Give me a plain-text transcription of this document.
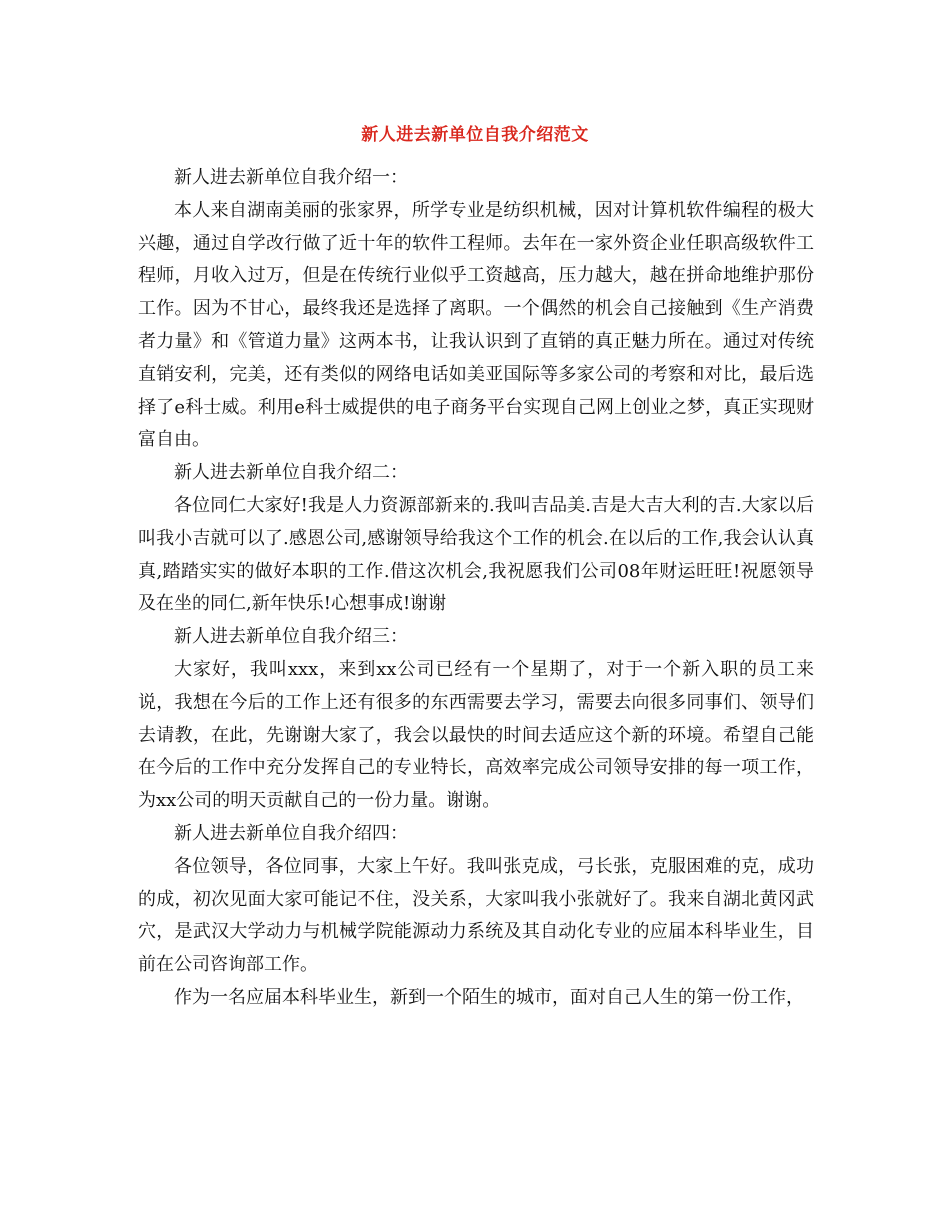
新人进去新单位自我介绍范文

新人进去新单位自我介绍一：

本人来自湖南美丽的张家界，所学专业是纺织机械，因对计算机软件编程的极大兴趣，通过自学改行做了近十年的软件工程师。去年在一家外资企业任职高级软件工程师，月收入过万，但是在传统行业似乎工资越高，压力越大，越在拼命地维护那份工作。因为不甘心，最终我还是选择了离职。一个偶然的机会自己接触到《生产消费者力量》和《管道力量》这两本书，让我认识到了直销的真正魅力所在。通过对传统直销安利，完美，还有类似的网络电话如美亚国际等多家公司的考察和对比，最后选择了e科士威。利用e科士威提供的电子商务平台实现自己网上创业之梦，真正实现财富自由。

新人进去新单位自我介绍二：

各位同仁大家好!我是人力资源部新来的.我叫吉品美.吉是大吉大利的吉.大家以后叫我小吉就可以了.感恩公司,感谢领导给我这个工作的机会.在以后的工作,我会认认真真,踏踏实实的做好本职的工作.借这次机会,我祝愿我们公司08年财运旺旺!祝愿领导及在坐的同仁,新年快乐!心想事成!谢谢

新人进去新单位自我介绍三：

大家好，我叫xxx，来到xx公司已经有一个星期了，对于一个新入职的员工来说，我想在今后的工作上还有很多的东西需要去学习，需要去向很多同事们、领导们去请教，在此，先谢谢大家了，我会以最快的时间去适应这个新的环境。希望自己能在今后的工作中充分发挥自己的专业特长，高效率完成公司领导安排的每一项工作，为xx公司的明天贡献自己的一份力量。谢谢。

新人进去新单位自我介绍四：

各位领导，各位同事，大家上午好。我叫张克成，弓长张，克服困难的克，成功的成，初次见面大家可能记不住，没关系，大家叫我小张就好了。我来自湖北黄冈武穴，是武汉大学动力与机械学院能源动力系统及其自动化专业的应届本科毕业生，目前在公司咨询部工作。

作为一名应届本科毕业生，新到一个陌生的城市，面对自己人生的第一份工作，
